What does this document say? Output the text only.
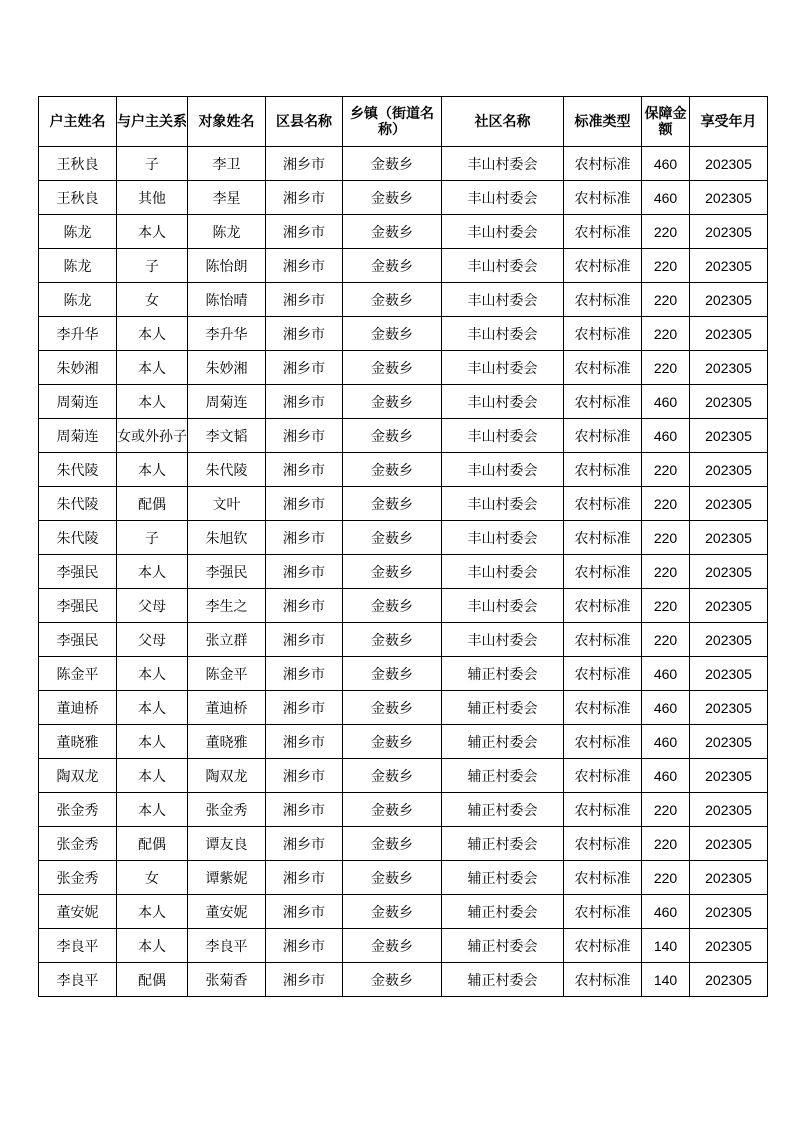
户主姓名	与户主关系	对象姓名	区县名称	乡镇（街道名称）	社区名称	标准类型	保障金额	享受年月
王秋良	子	李卫	湘乡市	金薮乡	丰山村委会	农村标准	460	202305
王秋良	其他	李星	湘乡市	金薮乡	丰山村委会	农村标准	460	202305
陈龙	本人	陈龙	湘乡市	金薮乡	丰山村委会	农村标准	220	202305
陈龙	子	陈怡朗	湘乡市	金薮乡	丰山村委会	农村标准	220	202305
陈龙	女	陈怡晴	湘乡市	金薮乡	丰山村委会	农村标准	220	202305
李升华	本人	李升华	湘乡市	金薮乡	丰山村委会	农村标准	220	202305
朱妙湘	本人	朱妙湘	湘乡市	金薮乡	丰山村委会	农村标准	220	202305
周菊连	本人	周菊连	湘乡市	金薮乡	丰山村委会	农村标准	460	202305
周菊连	女或外孙子	李文韬	湘乡市	金薮乡	丰山村委会	农村标准	460	202305
朱代陵	本人	朱代陵	湘乡市	金薮乡	丰山村委会	农村标准	220	202305
朱代陵	配偶	文叶	湘乡市	金薮乡	丰山村委会	农村标准	220	202305
朱代陵	子	朱旭钦	湘乡市	金薮乡	丰山村委会	农村标准	220	202305
李强民	本人	李强民	湘乡市	金薮乡	丰山村委会	农村标准	220	202305
李强民	父母	李生之	湘乡市	金薮乡	丰山村委会	农村标准	220	202305
李强民	父母	张立群	湘乡市	金薮乡	丰山村委会	农村标准	220	202305
陈金平	本人	陈金平	湘乡市	金薮乡	辅正村委会	农村标准	460	202305
董迪桥	本人	董迪桥	湘乡市	金薮乡	辅正村委会	农村标准	460	202305
董晓雅	本人	董晓雅	湘乡市	金薮乡	辅正村委会	农村标准	460	202305
陶双龙	本人	陶双龙	湘乡市	金薮乡	辅正村委会	农村标准	460	202305
张金秀	本人	张金秀	湘乡市	金薮乡	辅正村委会	农村标准	220	202305
张金秀	配偶	谭友良	湘乡市	金薮乡	辅正村委会	农村标准	220	202305
张金秀	女	谭紫妮	湘乡市	金薮乡	辅正村委会	农村标准	220	202305
董安妮	本人	董安妮	湘乡市	金薮乡	辅正村委会	农村标准	460	202305
李良平	本人	李良平	湘乡市	金薮乡	辅正村委会	农村标准	140	202305
李良平	配偶	张菊香	湘乡市	金薮乡	辅正村委会	农村标准	140	202305
